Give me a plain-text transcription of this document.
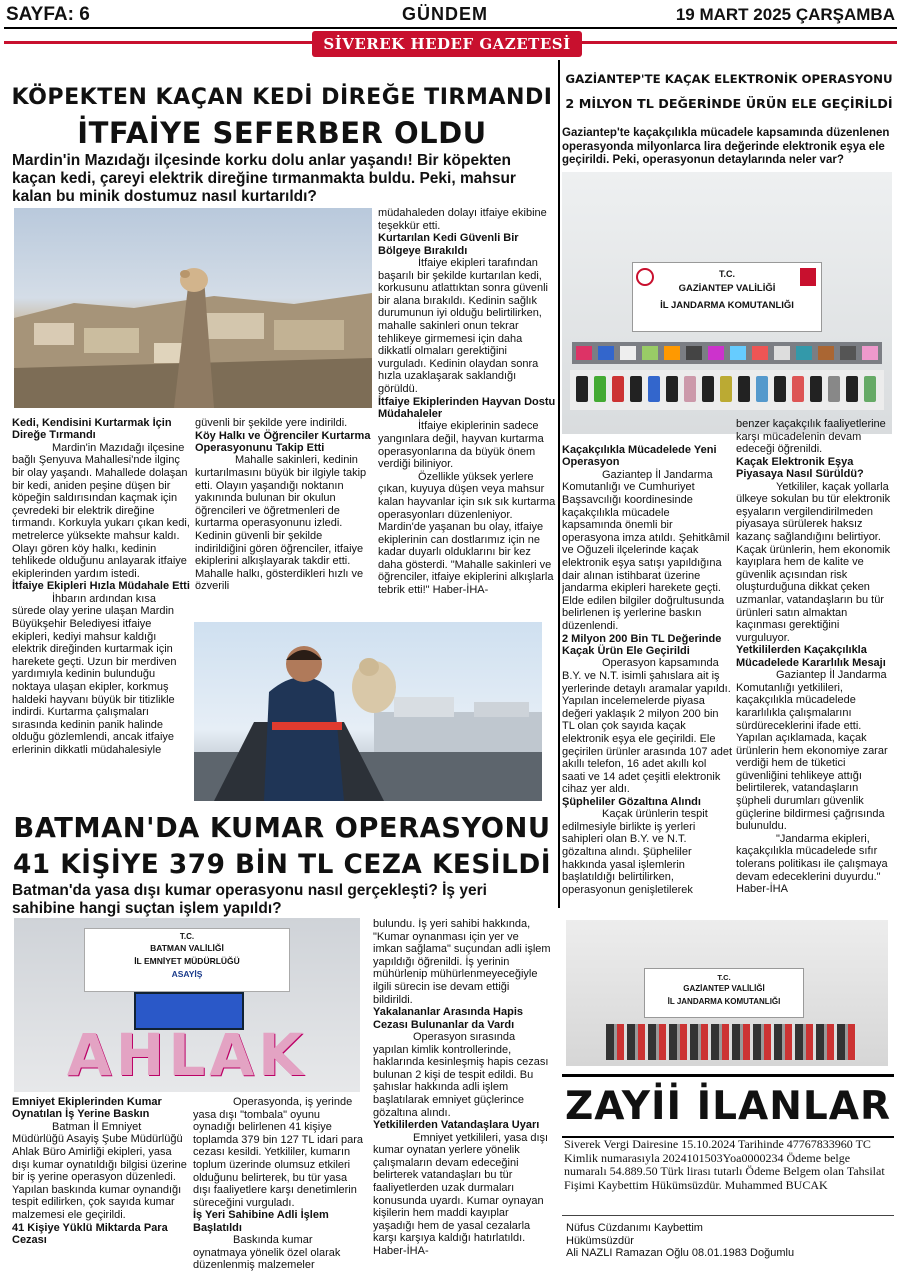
SAYFA: 6	GÜNDEM	19 MART 2025 ÇARŞAMBA
SİVEREK HEDEF GAZETESİ
KÖPEKTEN KAÇAN KEDİ DİREĞE TIRMANDI
İTFAİYE SEFERBER OLDU
Mardin'in Mazıdağı ilçesinde korku dolu anlar yaşandı! Bir köpekten kaçan kedi, çareyi elektrik direğine tırmanmakta buldu. Peki, mahsur kalan bu minik dostumuz nasıl kurtarıldı?
Kedi, Kendisini Kurtarmak İçin Direğe Tırmandı

Mardin'in Mazıdağı ilçesine bağlı Şenyuva Mahallesi'nde ilginç bir olay yaşandı. Mahallede dolaşan bir kedi, aniden peşine düşen bir köpeğin saldırısından kaçmak için çevredeki bir elektrik direğine tırmandı. Korkuyla yukarı çıkan kedi, metrelerce yüksekte mahsur kaldı. Olayı gören köy halkı, kedinin tehlikede olduğunu anlayarak itfaiye ekiplerinden yardım istedi.

İtfaiye Ekipleri Hızla Müdahale Etti

İhbarın ardından kısa sürede olay yerine ulaşan Mardin Büyükşehir Belediyesi itfaiye ekipleri, kediyi mahsur kaldığı elektrik direğinden kurtarmak için harekete geçti. Uzun bir merdiven yardımıyla kedinin bulunduğu noktaya ulaşan ekipler, korkmuş haldeki hayvanı büyük bir titizlikle indirdi. Kurtarma çalışmaları sırasında kedinin panik halinde olduğu gözlemlendi, ancak itfaiye erlerinin dikkatli müdahalesiyle

güvenli bir şekilde yere indirildi.

Köy Halkı ve Öğrenciler Kurtarma Operasyonunu Takip Etti

Mahalle sakinleri, kedinin kurtarılmasını büyük bir ilgiyle takip etti. Olayın yaşandığı noktanın yakınında bulunan bir okulun öğrencileri ve öğretmenleri de kurtarma operasyonunu izledi. Kedinin güvenli bir şekilde indirildiğini gören öğrenciler, itfaiye ekiplerini alkışlayarak takdir etti. Mahalle halkı, gösterdikleri hızlı ve özverili

müdahaleden dolayı itfaiye ekibine teşekkür etti.

Kurtarılan Kedi Güvenli Bir Bölgeye Bırakıldı

İtfaiye ekipleri tarafından başarılı bir şekilde kurtarılan kedi, korkusunu atlattıktan sonra güvenli bir alana bırakıldı. Kedinin sağlık durumunun iyi olduğu belirtilirken, mahalle sakinleri onun tekrar tehlikeye girmemesi için daha dikkatli olmaları gerektiğini vurguladı. Kedinin olaydan sonra hızla uzaklaşarak saklandığı görüldü.

İtfaiye Ekiplerinden Hayvan Dostu Müdahaleler

İtfaiye ekiplerinin sadece yangınlara değil, hayvan kurtarma operasyonlarına da büyük önem verdiği biliniyor.

Özellikle yüksek yerlere çıkan, kuyuya düşen veya mahsur kalan hayvanlar için sık sık kurtarma operasyonları düzenleniyor. Mardin'de yaşanan bu olay, itfaiye ekiplerinin can dostlarımız için ne kadar duyarlı olduklarını bir kez daha gösterdi. "Mahalle sakinleri ve öğrenciler, itfaiye ekiplerini alkışlarla tebrik etti!" Haber-İHA-

GAZİANTEP'TE KAÇAK ELEKTRONİK OPERASYONU
2 MİLYON TL DEĞERİNDE ÜRÜN ELE GEÇİRİLDİ
Gaziantep'te kaçakçılıkla mücadele kapsamında düzenlenen operasyonda milyonlarca lira değerinde elektronik eşya ele geçirildi. Peki, operasyonun detaylarında neler var?
T.C.
GAZİANTEP VALİLİĞİ
İL JANDARMA KOMUTANLIĞI
Kaçakçılıkla Mücadelede Yeni Operasyon

Gaziantep İl Jandarma Komutanlığı ve Cumhuriyet Başsavcılığı koordinesinde kaçakçılıkla mücadele kapsamında önemli bir operasyona imza atıldı. Şehitkâmil ve Oğuzeli ilçelerinde kaçak elektronik eşya satışı yapıldığına dair alınan istihbarat üzerine jandarma ekipleri harekete geçti. Elde edilen bilgiler doğrultusunda belirlenen iş yerlerine baskın düzenlendi.

2 Milyon 200 Bin TL Değerinde Kaçak Ürün Ele Geçirildi

Operasyon kapsamında B.Y. ve N.T. isimli şahıslara ait iş yerlerinde detaylı aramalar yapıldı. Yapılan incelemelerde piyasa değeri yaklaşık 2 milyon 200 bin TL olan çok sayıda kaçak elektronik eşya ele geçirildi. Ele geçirilen ürünler arasında 107 adet akıllı telefon, 16 adet akıllı kol saati ve 14 adet çeşitli elektronik cihaz yer aldı.

Şüpheliler Gözaltına Alındı

Kaçak ürünlerin tespit edilmesiyle birlikte iş yerleri sahipleri olan B.Y. ve N.T. gözaltına alındı. Şüpheliler hakkında yasal işlemlerin başlatıldığı belirtilirken, operasyonun genişletilerek

benzer kaçakçılık faaliyetlerine karşı mücadelenin devam edeceği öğrenildi.

Kaçak Elektronik Eşya Piyasaya Nasıl Sürüldü?

Yetkililer, kaçak yollarla ülkeye sokulan bu tür elektronik eşyaların vergilendirilmeden piyasaya sürülerek haksız kazanç sağlandığını belirtiyor. Kaçak ürünlerin, hem ekonomik kayıplara hem de kalite ve güvenlik açısından risk oluşturduğuna dikkat çeken uzmanlar, vatandaşların bu tür ürünleri satın almaktan kaçınması gerektiğini vurguluyor.

Yetkililerden Kaçakçılıkla Mücadelede Kararlılık Mesajı

Gaziantep İl Jandarma Komutanlığı yetkilileri, kaçakçılıkla mücadelede kararlılıkla çalışmalarını sürdüreceklerini ifade etti. Yapılan açıklamada, kaçak ürünlerin hem ekonomiye zarar verdiği hem de tüketici güvenliğini tehlikeye attığı belirtilerek, vatandaşların şüpheli durumları güvenlik güçlerine bildirmesi çağrısında bulunuldu.

"Jandarma ekipleri, kaçakçılıkla mücadelede sıfır tolerans politikası ile çalışmaya devam edeceklerini duyurdu." Haber-İHA

BATMAN'DA KUMAR OPERASYONU
41 KİŞİYE 379 BİN TL CEZA KESİLDİ
Batman'da yasa dışı kumar operasyonu nasıl gerçekleşti? İş yeri sahibine hangi suçtan işlem yapıldı?
T.C.
BATMAN VALİLİĞİ
İL EMNİYET MÜDÜRLÜĞÜ
ASAYİŞ
AHLAK
Emniyet Ekiplerinden Kumar Oynatılan İş Yerine Baskın

Batman İl Emniyet Müdürlüğü Asayiş Şube Müdürlüğü Ahlak Büro Amirliği ekipleri, yasa dışı kumar oynatıldığı bilgisi üzerine bir iş yerine operasyon düzenledi. Yapılan baskında kumar oynandığı tespit edilirken, çok sayıda kumar malzemesi ele geçirildi.

41 Kişiye Yüklü Miktarda Para Cezası

Operasyonda, iş yerinde yasa dışı "tombala" oyunu oynadığı belirlenen 41 kişiye toplamda 379 bin 127 TL idari para cezası kesildi. Yetkililer, kumarın toplum üzerinde olumsuz etkileri olduğunu belirterek, bu tür yasa dışı faaliyetlere karşı denetimlerin süreceğini vurguladı.

İş Yeri Sahibine Adli İşlem Başlatıldı

Baskında kumar oynatmaya yönelik özel olarak düzenlenmiş malzemeler

bulundu. İş yeri sahibi hakkında, "Kumar oynanması için yer ve imkan sağlama" suçundan adli işlem yapıldığı öğrenildi. İş yerinin mühürlenip mühürlenmeyeceğiyle ilgili sürecin ise devam ettiği bildirildi.

Yakalananlar Arasında Hapis Cezası Bulunanlar da Vardı

Operasyon sırasında yapılan kimlik kontrollerinde, haklarında kesinleşmiş hapis cezası bulunan 2 kişi de tespit edildi. Bu şahıslar hakkında adli işlem başlatılarak emniyet güçlerince gözaltına alındı.

Yetkililerden Vatandaşlara Uyarı

Emniyet yetkilileri, yasa dışı kumar oynatan yerlere yönelik çalışmaların devam edeceğini belirterek vatandaşları bu tür faaliyetlerden uzak durmaları konusunda uyardı. Kumar oynayan kişilerin hem maddi kayıplar yaşadığı hem de yasal cezalarla karşı karşıya kaldığı hatırlatıldı. Haber-İHA-

T.C.
GAZİANTEP VALİLİĞİ
İL JANDARMA KOMUTANLIĞI
ZAYİİ İLANLAR
Siverek Vergi Dairesine 15.10.2024 Tarihinde 47767833960 TC Kimlik numarasıyla 2024101503Yoa0000234 Ödeme belge numaralı 54.889.50 Türk lirası tutarlı Ödeme Belgem olan Tahsilat Fişimi Kaybettim Hükümsüzdür. Muhammed BUCAK
Nüfus Cüzdanımı Kaybettim
Hükümsüzdür
Ali NAZLI Ramazan Oğlu 08.01.1983 Doğumlu
